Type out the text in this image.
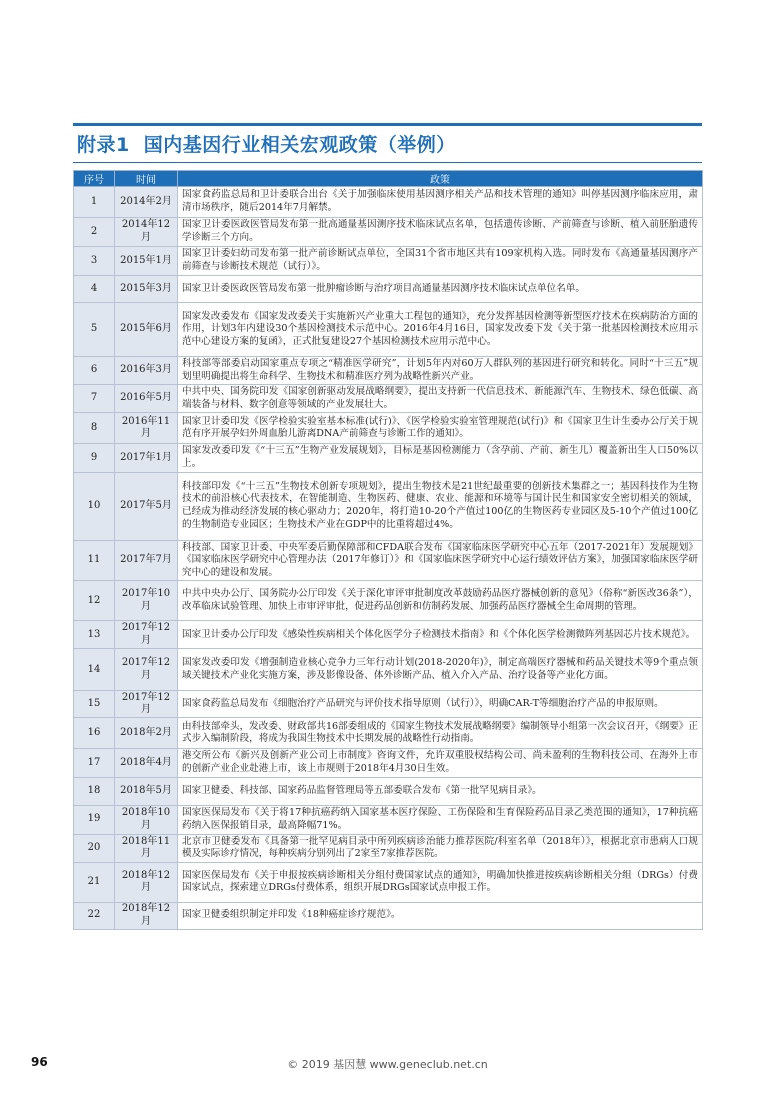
附录1 国内基因行业相关宏观政策（举例）
序号	时间	政策
1	2014年2月	国家食药监总局和卫计委联合出台《关于加强临床使用基因测序相关产品和技术管理的通知》叫停基因测序临床应用，肃清市场秩序，随后2014年7月解禁。
2	2014年12月	国家卫计委医政医管局发布第一批高通量基因测序技术临床试点名单，包括遗传诊断、产前筛查与诊断、植入前胚胎遗传学诊断三个方向。
3	2015年1月	国家卫计委妇幼司发布第一批产前诊断试点单位，全国31个省市地区共有109家机构入选。同时发布《高通量基因测序产前筛查与诊断技术规范（试行）》。
4	2015年3月	国家卫计委医政医管局发布第一批肿瘤诊断与治疗项目高通量基因测序技术临床试点单位名单。
5	2015年6月	国家发改委发布《国家发改委关于实施新兴产业重大工程包的通知》，充分发挥基因检测等新型医疗技术在疾病防治方面的作用，计划3年内建设30个基因检测技术示范中心。2016年4月16日，国家发改委下发《关于第一批基因检测技术应用示范中心建设方案的复函》，正式批复建设27个基因检测技术应用示范中心。
6	2016年3月	科技部等部委启动国家重点专项之“精准医学研究”，计划5年内对60万人群队列的基因进行研究和转化。同时“十三五”规划里明确提出将生命科学、生物技术和精准医疗列为战略性新兴产业。
7	2016年5月	中共中央、国务院印发《国家创新驱动发展战略纲要》，提出支持新一代信息技术、新能源汽车、生物技术、绿色低碳、高端装备与材料、数字创意等领域的产业发展壮大。
8	2016年11月	国家卫计委印发《医学检验实验室基本标准(试行)》、《医学检验实验室管理规范(试行)》和《国家卫生计生委办公厅关于规范有序开展孕妇外周血胎儿游离DNA产前筛查与诊断工作的通知》。
9	2017年1月	国家发改委印发《“十三五”生物产业发展规划》，目标是基因检测能力（含孕前、产前、新生儿）覆盖新出生人口50%以上。
10	2017年5月	科技部印发《“十三五”生物技术创新专项规划》，提出生物技术是21世纪最重要的创新技术集群之一；基因科技作为生物技术的前沿核心代表技术，在智能制造、生物医药、健康、农业、能源和环境等与国计民生和国家安全密切相关的领域，已经成为推动经济发展的核心驱动力；2020年，将打造10-20个产值过100亿的生物医药专业园区及5-10个产值过100亿的生物制造专业园区；生物技术产业在GDP中的比重将超过4%。
11	2017年7月	科技部、国家卫计委、中央军委后勤保障部和CFDA联合发布《国家临床医学研究中心五年（2017-2021年）发展规划》《国家临床医学研究中心管理办法（2017年修订）》和《国家临床医学研究中心运行绩效评估方案》，加强国家临床医学研究中心的建设和发展。
12	2017年10月	中共中央办公厅、国务院办公厅印发《关于深化审评审批制度改革鼓励药品医疗器械创新的意见》（俗称“新医改36条”），改革临床试验管理、加快上市审评审批，促进药品创新和仿制药发展、加强药品医疗器械全生命周期的管理。
13	2017年12月	国家卫计委办公厅印发《感染性疾病相关个体化医学分子检测技术指南》和《个体化医学检测微阵列基因芯片技术规范》。
14	2017年12月	国家发改委印发《增强制造业核心竞争力三年行动计划(2018-2020年)》，制定高端医疗器械和药品关键技术等9个重点领域关键技术产业化实施方案，涉及影像设备、体外诊断产品、植入介入产品、治疗设备等产业化方面。
15	2017年12月	国家食药监总局发布《细胞治疗产品研究与评价技术指导原则（试行）》，明确CAR-T等细胞治疗产品的申报原则。
16	2018年2月	由科技部牵头，发改委、财政部共16部委组成的《国家生物技术发展战略纲要》编制领导小组第一次会议召开，《纲要》正式步入编制阶段，将成为我国生物技术中长期发展的战略性行动指南。
17	2018年4月	港交所公布《新兴及创新产业公司上市制度》咨询文件，允许双重股权结构公司、尚未盈利的生物科技公司、在海外上市的创新产业企业赴港上市，该上市规则于2018年4月30日生效。
18	2018年5月	国家卫健委、科技部、国家药品监督管理局等五部委联合发布《第一批罕见病目录》。
19	2018年10月	国家医保局发布《关于将17种抗癌药纳入国家基本医疗保险、工伤保险和生育保险药品目录乙类范围的通知》，17种抗癌药纳入医保报销目录，最高降幅71%。
20	2018年11月	北京市卫健委发布《具备第一批罕见病目录中所列疾病诊治能力推荐医院/科室名单（2018年）》，根据北京市患病人口规模及实际诊疗情况，每种疾病分别列出了2家至7家推荐医院。
21	2018年12月	国家医保局发布《关于申报按疾病诊断相关分组付费国家试点的通知》，明确加快推进按疾病诊断相关分组（DRGs）付费国家试点，探索建立DRGs付费体系，组织开展DRGs国家试点申报工作。
22	2018年12月	国家卫健委组织制定并印发《18种癌症诊疗规范》。
96	© 2019 基因慧 www.geneclub.net.cn
